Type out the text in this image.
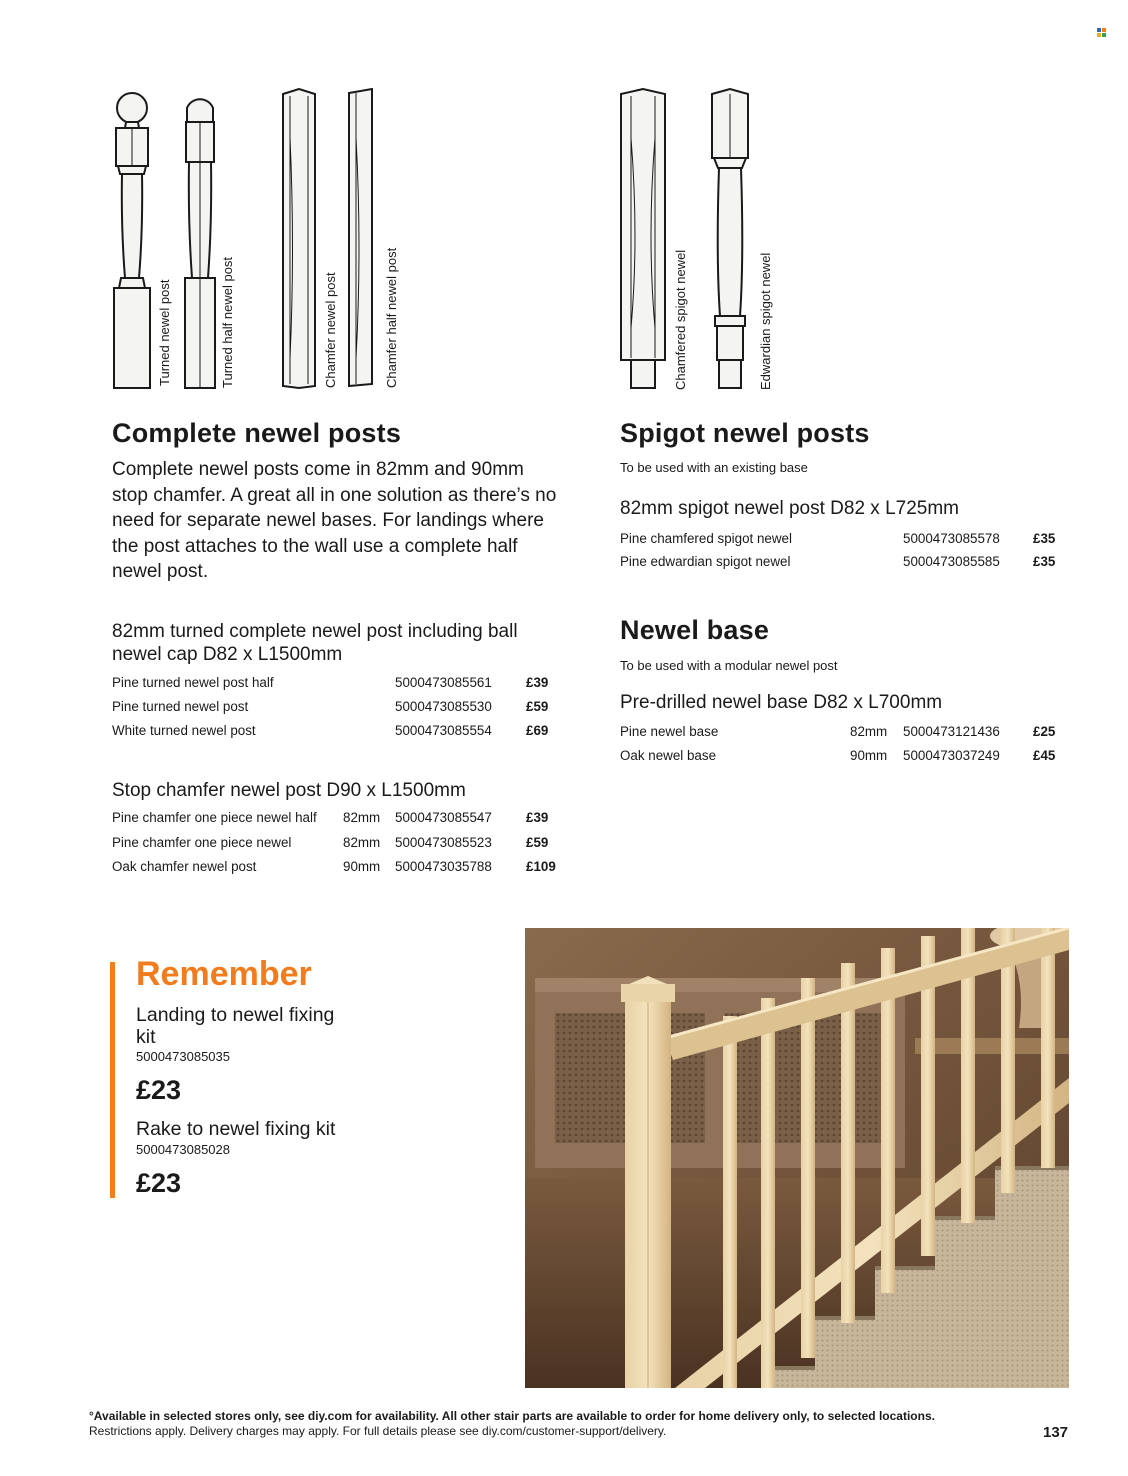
Turned newel post	Turned half newel post	Chamfer newel post	Chamfer half newel post	Chamfered spigot newel	Edwardian spigot newel
Complete newel posts

Complete newel posts come in 82mm and 90mm stop chamfer. A great all in one solution as there’s no need for separate newel bases. For landings where the post attaches to the wall use a complete half newel post.

82mm turned complete newel post including ball newel cap D82 x L1500mm
Pine turned newel post half	5000473085561	£39
Pine turned newel post	5000473085530	£59
White turned newel post	5000473085554	£69
Stop chamfer newel post D90 x L1500mm
Pine chamfer one piece newel half 82mm 5000473085547	£39
Pine chamfer one piece newel	82mm 5000473085523	£59
Oak chamfer newel post	90mm 5000473035788	£109
Spigot newel posts
To be used with an existing base
82mm spigot newel post D82 x L725mm
Pine chamfered spigot newel	5000473085578 £35
Pine edwardian spigot newel	5000473085585 £35
Newel base
To be used with a modular newel post
Pre-drilled newel base D82 x L700mm
Pine newel base	82mm 5000473121436 £25
Oak newel base	90mm 5000473037249 £45
Remember
Landing to newel fixing kit
5000473085035
£23
Rake to newel fixing kit
5000473085028
£23
°Available in selected stores only, see diy.com for availability. All other stair parts are available to order for home delivery only, to selected locations.
Restrictions apply. Delivery charges may apply. For full details please see diy.com/customer-support/delivery.	137
